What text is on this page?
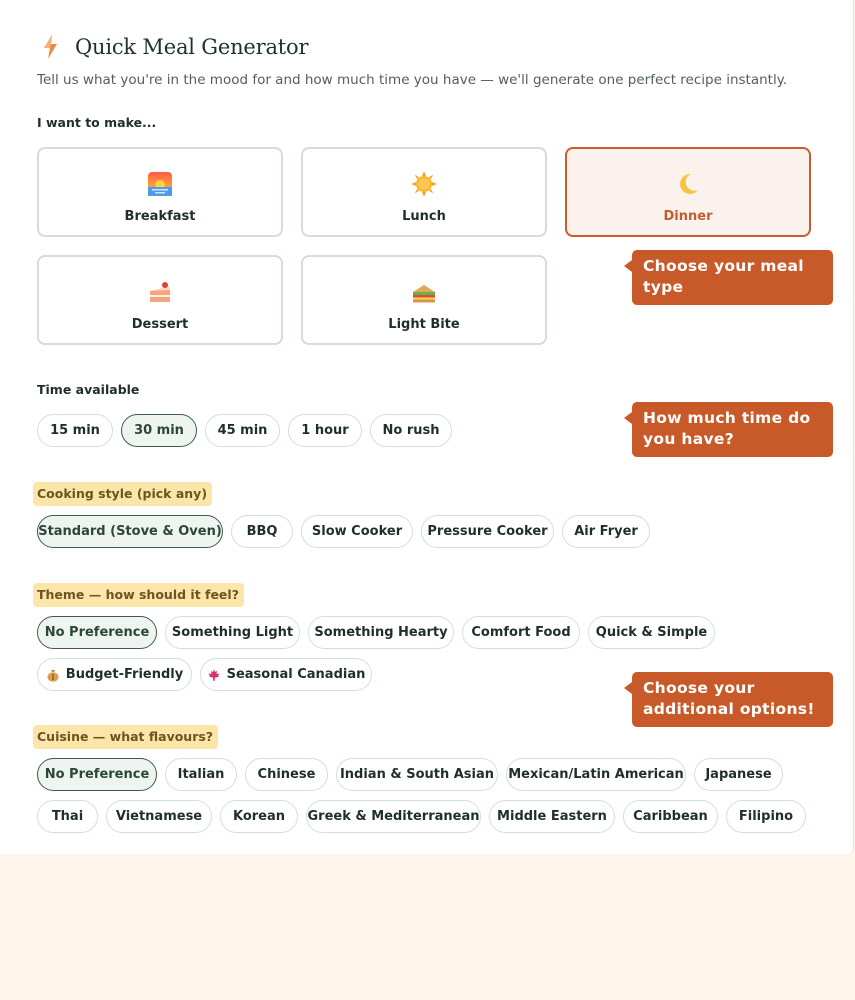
Quick Meal Generator
Tell us what you're in the mood for and how much time you have — we'll generate one perfect recipe instantly.
I want to make...
Breakfast	Lunch	Dinner
Dessert	Light Bite
Time available
15 min	30 min	45 min	1 hour	No rush
Cooking style (pick any)
Standard (Stove & Oven)	BBQ	Slow Cooker	Pressure Cooker	Air Fryer
Theme — how should it feel?
No Preference	Something Light	Something Hearty	Comfort Food	Quick & Simple
Budget-Friendly	Seasonal Canadian
Cuisine — what flavours?
No Preference	Italian	Chinese	Indian & South Asian	Mexican/Latin American	Japanese
Thai	Vietnamese	Korean	Greek & Mediterranean	Middle Eastern	Caribbean	Filipino
Choose your meal type
How much time do you have?
Choose your additional options!
